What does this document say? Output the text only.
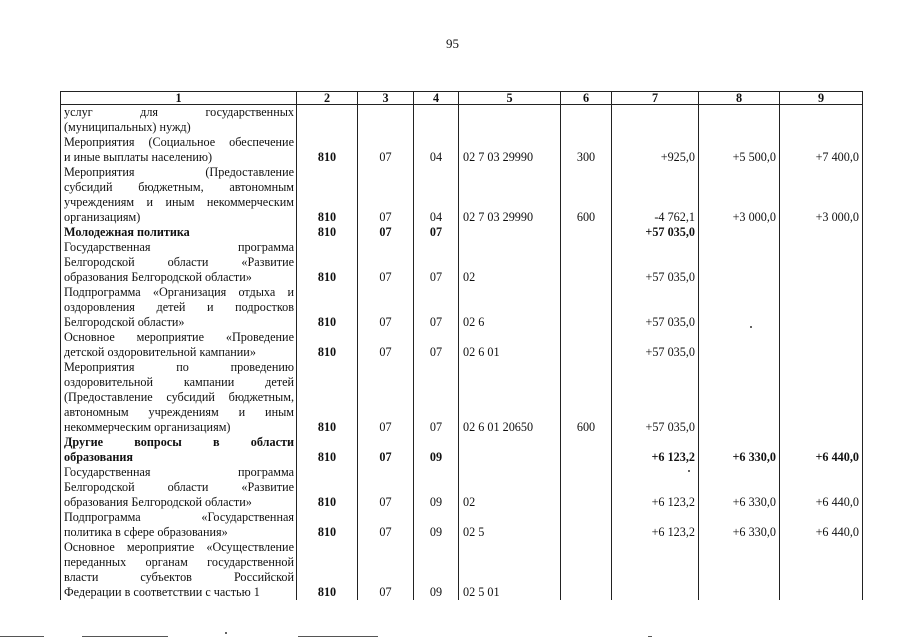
95
1	2	3	4	5	6	7	8	9
услуг для государственных								
(муниципальных) нужд)								
Мероприятия (Социальное обеспечение								
и иные выплаты населению)	810	07	04	02 7 03 29990	300	+925,0	+5 500,0	+7 400,0
Мероприятия (Предоставление								
субсидий бюджетным, автономным								
учреждениям и иным некоммерческим								
организациям)	810	07	04	02 7 03 29990	600	-4 762,1	+3 000,0	+3 000,0
Молодежная политика	810	07	07			+57 035,0		
Государственная программа								
Белгородской области «Развитие								
образования Белгородской области»	810	07	07	02		+57 035,0		
Подпрограмма «Организация отдыха и								
оздоровления детей и подростков								
Белгородской области»	810	07	07	02 6		+57 035,0		
Основное мероприятие «Проведение								
детской оздоровительной кампании»	810	07	07	02 6 01		+57 035,0		
Мероприятия по проведению								
оздоровительной кампании детей								
(Предоставление субсидий бюджетным,								
автономным учреждениям и иным								
некоммерческим организациям)	810	07	07	02 6 01 20650	600	+57 035,0		
Другие вопросы в области								
образования	810	07	09			+6 123,2	+6 330,0	+6 440,0
Государственная программа								
Белгородской области «Развитие								
образования Белгородской области»	810	07	09	02		+6 123,2	+6 330,0	+6 440,0
Подпрограмма «Государственная								
политика в сфере образования»	810	07	09	02 5		+6 123,2	+6 330,0	+6 440,0
Основное мероприятие «Осуществление								
переданных органам государственной								
власти субъектов Российской								
Федерации в соответствии с частью 1	810	07	09	02 5 01				
